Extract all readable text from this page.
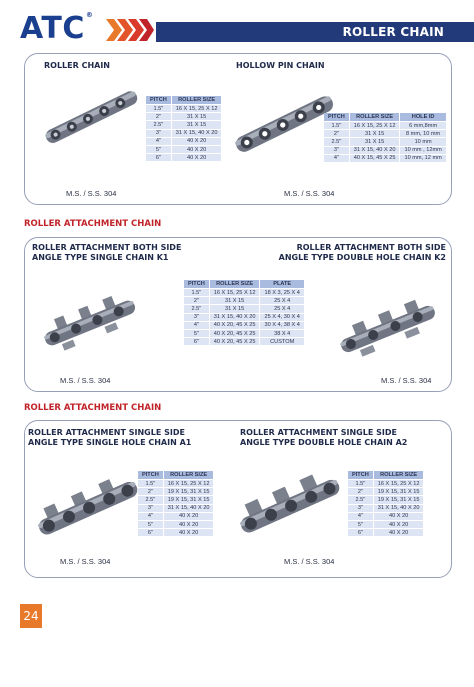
ATC®
ROLLER CHAIN
ROLLER CHAIN	HOLLOW PIN CHAIN
PITCH	ROLLER SIZE
1.5"	16 X 15, 25 X 12
2"	31 X 15
2.5"	31 X 15
3"	31 X 15, 40 X 20
4"	40 X 20
5"	40 X 20
6"	40 X 20
PITCH	ROLLER SIZE	HOLE ID
1.5"	16 X 15, 25 X 12	6 mm,8mm
2"	31 X 15	8 mm, 10 mm
2.5"	31 X 15	10 mm
3"	31 X 15, 40 X 20	10 mm , 12mm
4"	40 X 15, 45 X 25	10 mm, 12 mm
M.S. / S.S. 304	M.S. / S.S. 304
ROLLER ATTACHMENT CHAIN
ROLLER ATTACHMENT BOTH SIDE
ANGLE TYPE SINGLE CHAIN K1
ROLLER ATTACHMENT BOTH SIDE
ANGLE TYPE DOUBLE HOLE CHAIN K2
PITCH	ROLLER SIZE	PLATE
1.5"	16 X 15, 25 X 12	18 X 3, 25 X 4
2"	31 X 15	25 X 4
2.5"	31 X 15	25 X 4
3"	31 X 15, 40 X 20	25 X 4, 30 X 4
4"	40 X 20, 45 X 25	30 X 4, 38 X 4
5"	40 X 20, 45 X 25	38 X 4
6"	40 X 20, 45 X 25	CUSTOM
M.S. / S.S. 304	M.S. / S.S. 304
ROLLER ATTACHMENT CHAIN
ROLLER ATTACHMENT SINGLE SIDE
ANGLE TYPE SINGLE HOLE CHAIN A1
ROLLER ATTACHMENT SINGLE SIDE
ANGLE TYPE DOUBLE HOLE CHAIN A2
PITCH	ROLLER SIZE
1.5"	16 X 15, 25 X 12
2"	19 X 15, 31 X 15
2.5"	19 X 15, 31 X 15
3"	31 X 15, 40 X 20
4"	40 X 20
5"	40 X 20
6"	40 X 20
PITCH	ROLLER SIZE
1.5"	16 X 15, 25 X 12
2"	19 X 15, 31 X 15
2.5"	19 X 15, 31 X 15
3"	31 X 15, 40 X 20
4"	40 X 20
5"	40 X 20
6"	40 X 20
M.S. / S.S. 304	M.S. / S.S. 304
24
